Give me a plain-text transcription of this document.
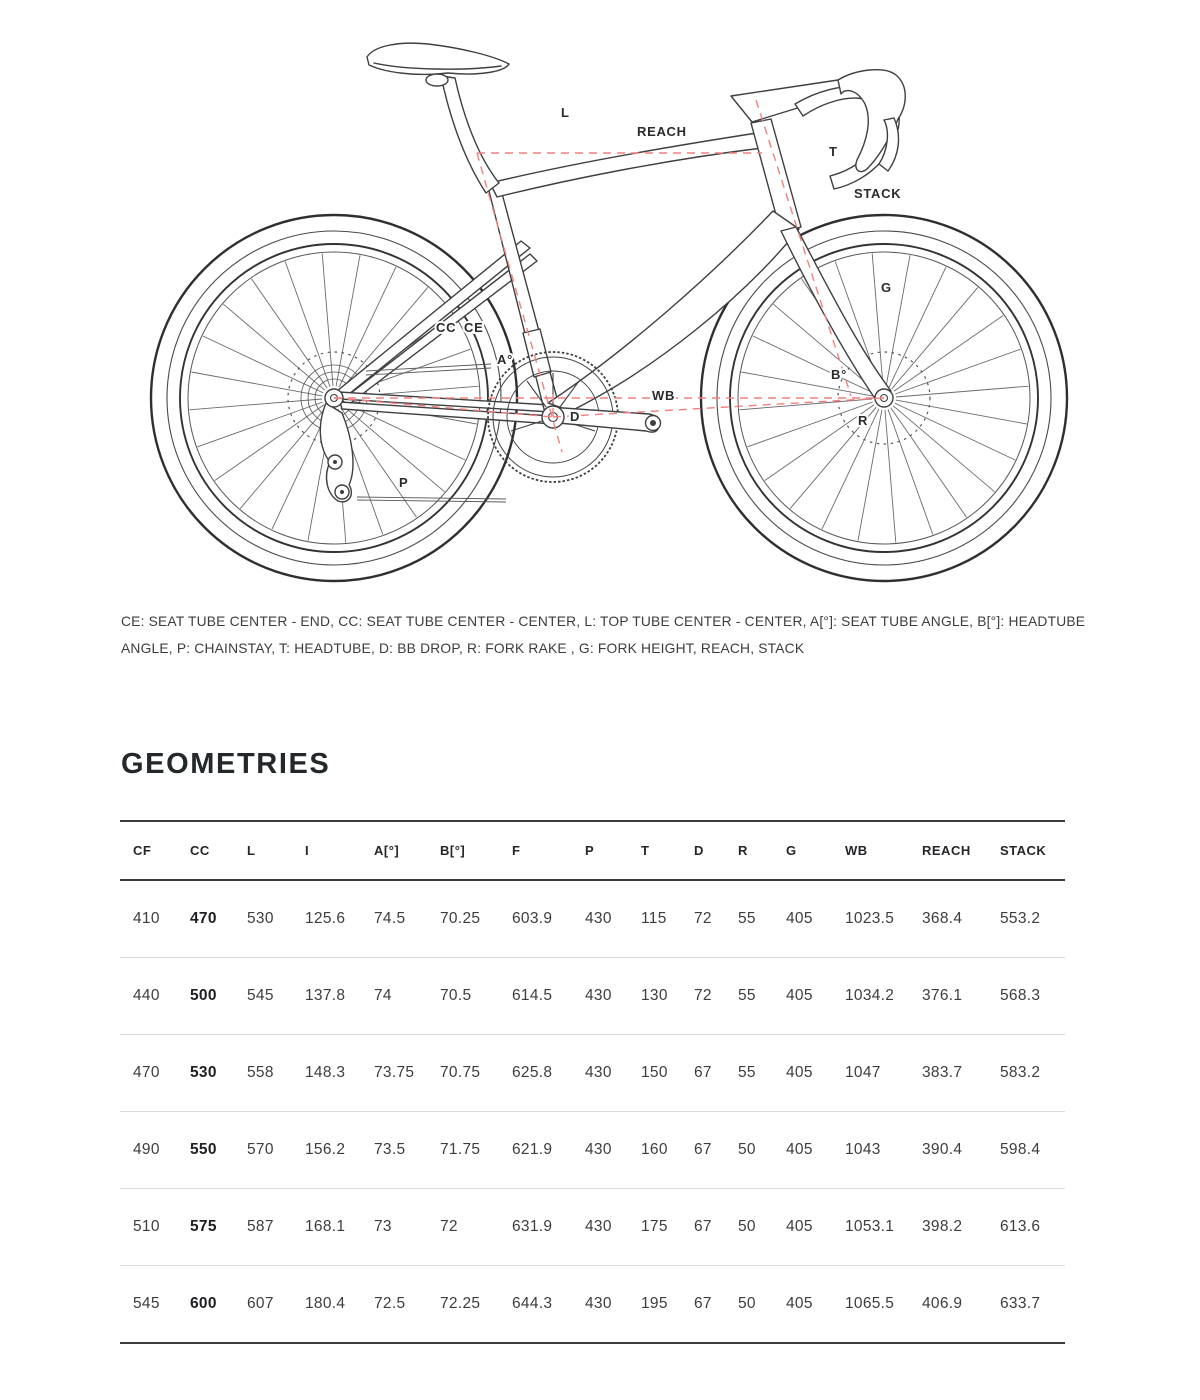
L
REACH
T
STACK
G
CC CE
A°
B°
WB
D	R
P
CE: SEAT TUBE CENTER - END, CC: SEAT TUBE CENTER - CENTER, L: TOP TUBE CENTER - CENTER, A[°]: SEAT TUBE ANGLE, B[°]: HEADTUBE
ANGLE, P: CHAINSTAY, T: HEADTUBE, D: BB DROP, R: FORK RAKE , G: FORK HEIGHT, REACH, STACK
GEOMETRIES
CF	CC	L	I	A[°]	B[°]	F	P	T	D	R	G	WB	REACH	STACK
410	470	530	125.6	74.5	70.25	603.9	430	115	72	55	405	1023.5	368.4	553.2
440	500	545	137.8	74	70.5	614.5	430	130	72	55	405	1034.2	376.1	568.3
470	530	558	148.3	73.75	70.75	625.8	430	150	67	55	405	1047	383.7	583.2
490	550	570	156.2	73.5	71.75	621.9	430	160	67	50	405	1043	390.4	598.4
510	575	587	168.1	73	72	631.9	430	175	67	50	405	1053.1	398.2	613.6
545	600	607	180.4	72.5	72.25	644.3	430	195	67	50	405	1065.5	406.9	633.7
